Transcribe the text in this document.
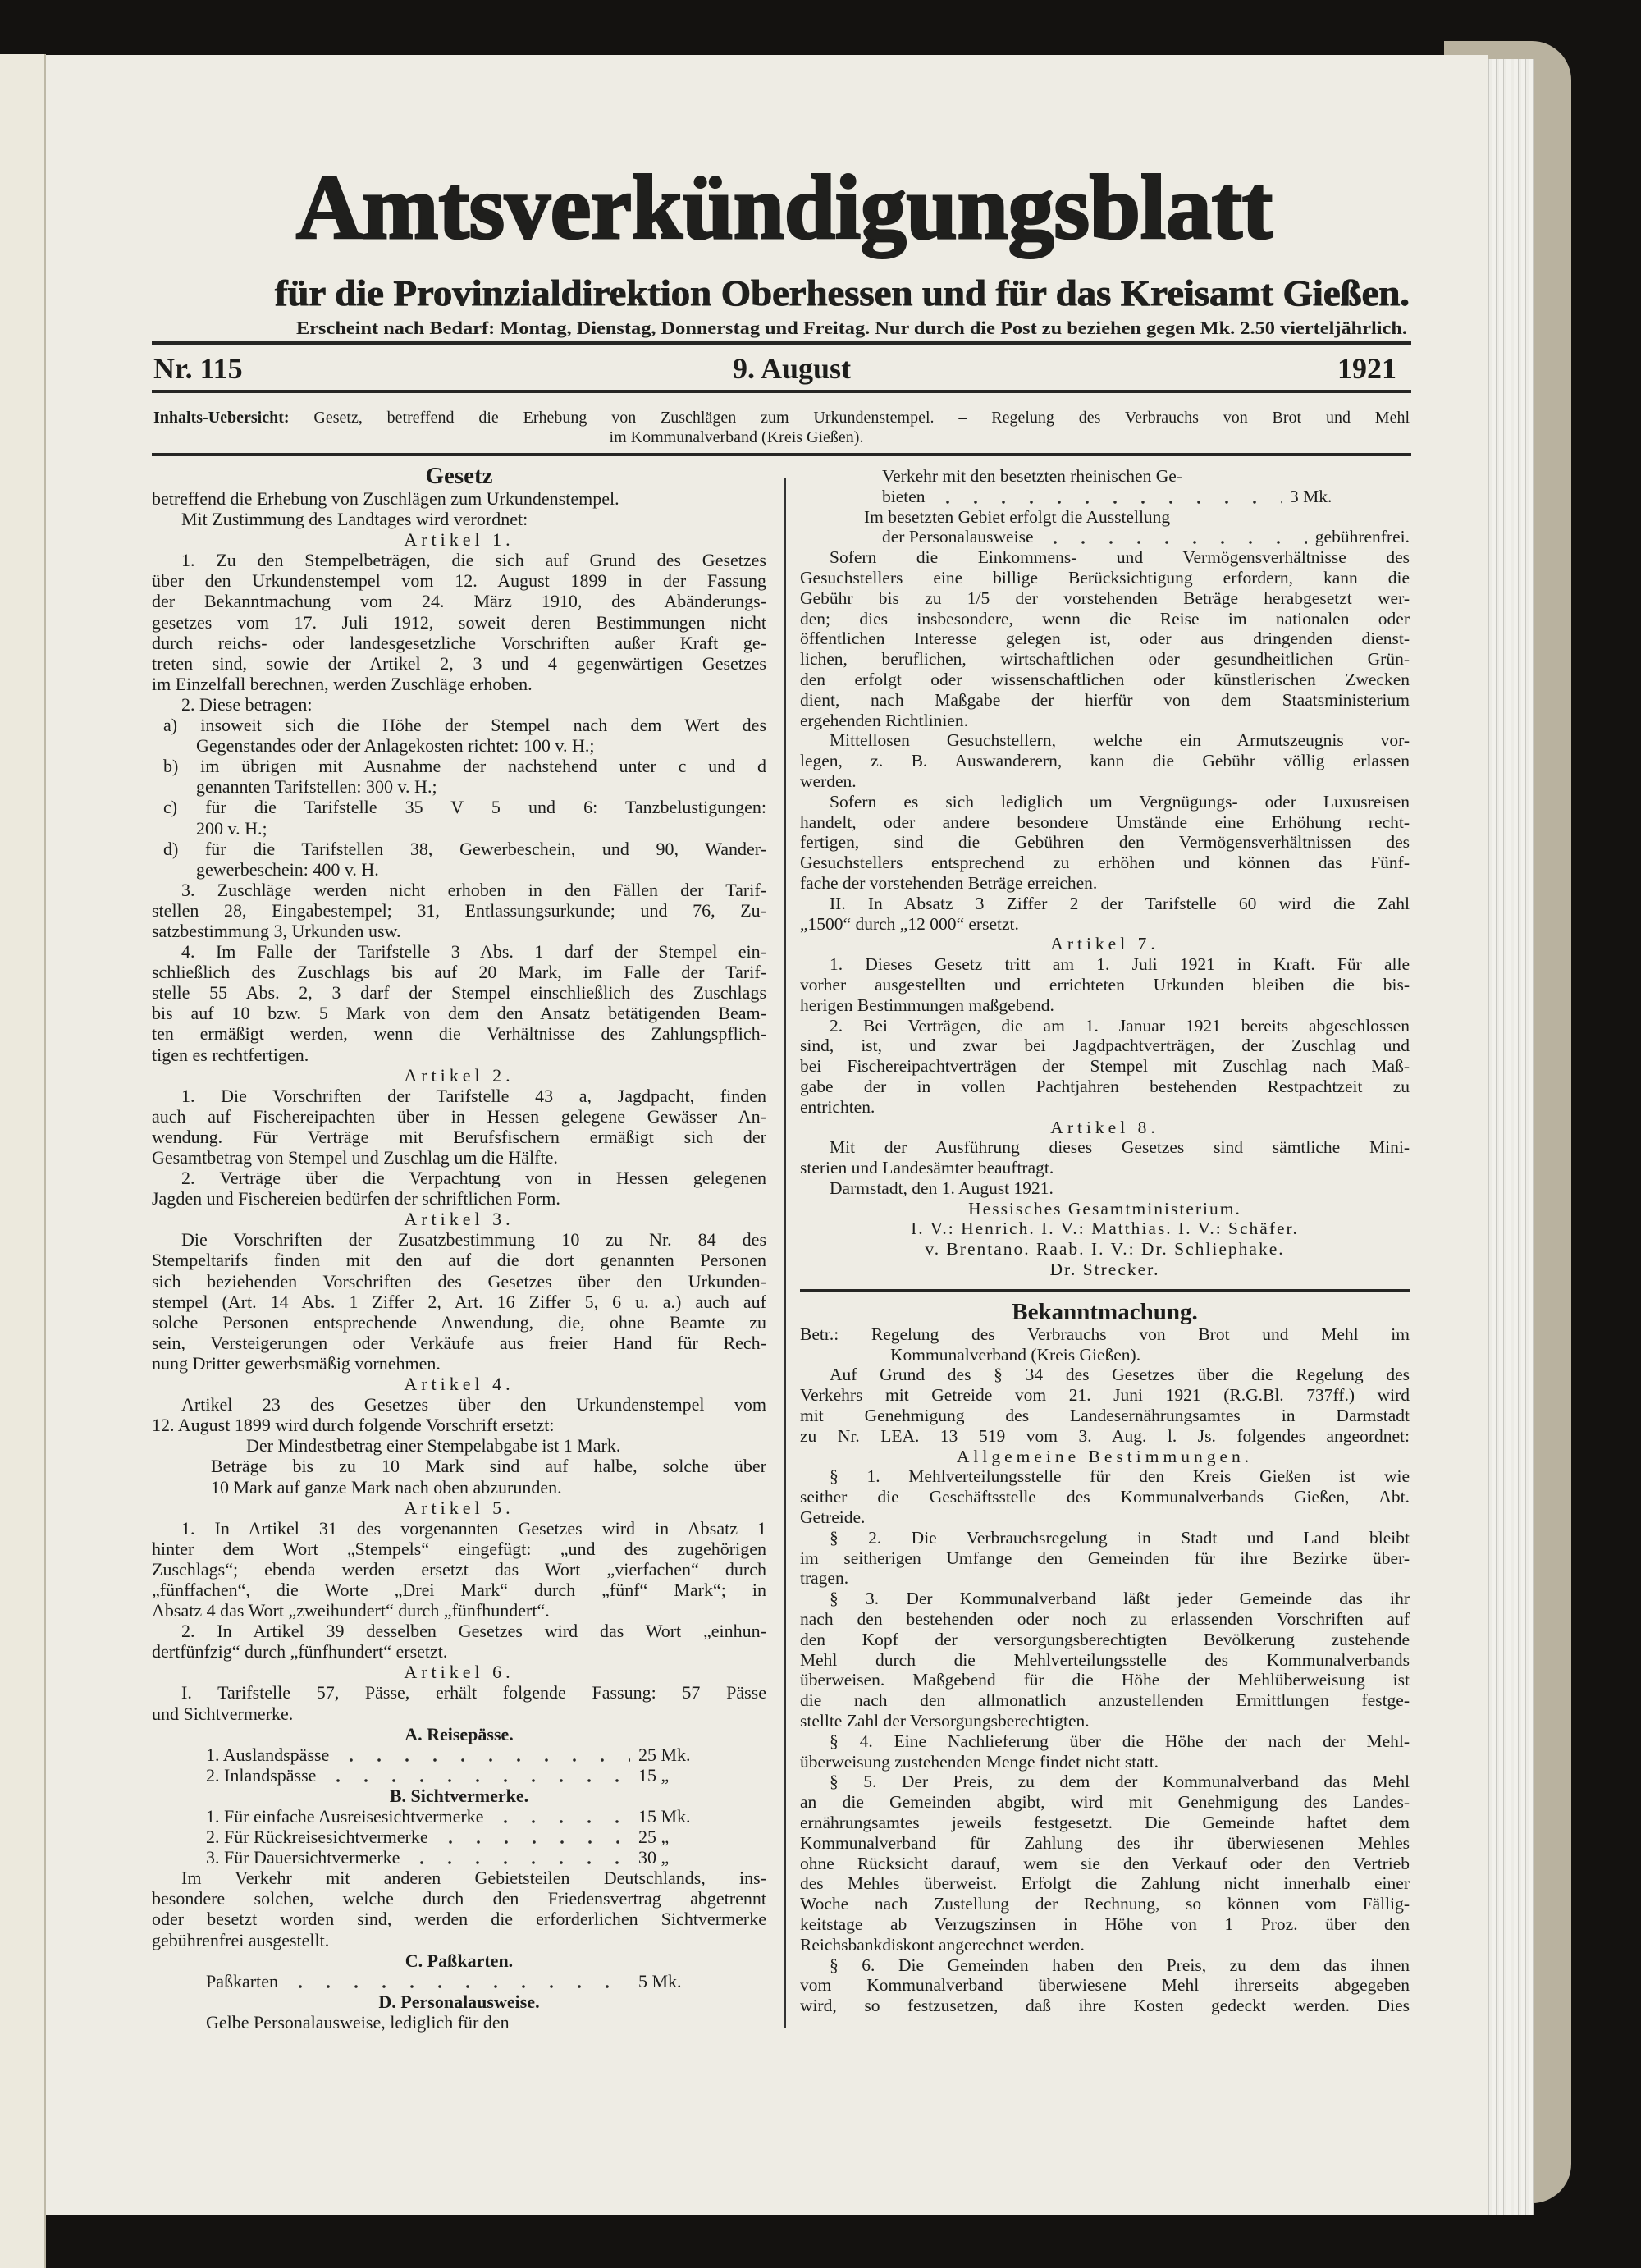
Amtsverkündigungsblatt
für die Provinzialdirektion Oberhessen und für das Kreisamt Gießen.
Erscheint nach Bedarf: Montag, Dienstag, Donnerstag und Freitag. Nur durch die Post zu beziehen gegen Mk. 2.50 vierteljährlich.
Nr. 115	9. August	1921
Inhalts-Uebersicht: Gesetz, betreffend die Erhebung von Zuschlägen zum Urkundenstempel. – Regelung des Verbrauchs von Brot und Mehl
im Kommunalverband (Kreis Gießen).
Gesetz
betreffend die Erhebung von Zuschlägen zum Urkundenstempel.
Mit Zustimmung des Landtages wird verordnet:
Artikel 1.
1. Zu den Stempelbeträgen, die sich auf Grund des Gesetzes
über den Urkundenstempel vom 12. August 1899 in der Fassung
der Bekanntmachung vom 24. März 1910, des Abänderungs-
gesetzes vom 17. Juli 1912, soweit deren Bestimmungen nicht
durch reichs- oder landesgesetzliche Vorschriften außer Kraft ge-
treten sind, sowie der Artikel 2, 3 und 4 gegenwärtigen Gesetzes
im Einzelfall berechnen, werden Zuschläge erhoben.
2. Diese betragen:
a) insoweit sich die Höhe der Stempel nach dem Wert des
Gegenstandes oder der Anlagekosten richtet: 100 v. H.;
b) im übrigen mit Ausnahme der nachstehend unter c und d
genannten Tarifstellen: 300 v. H.;
c) für die Tarifstelle 35 V 5 und 6: Tanzbelustigungen:
200 v. H.;
d) für die Tarifstellen 38, Gewerbeschein, und 90, Wander-
gewerbeschein: 400 v. H.
3. Zuschläge werden nicht erhoben in den Fällen der Tarif-
stellen 28, Eingabestempel; 31, Entlassungsurkunde; und 76, Zu-
satzbestimmung 3, Urkunden usw.
4. Im Falle der Tarifstelle 3 Abs. 1 darf der Stempel ein-
schließlich des Zuschlags bis auf 20 Mark, im Falle der Tarif-
stelle 55 Abs. 2, 3 darf der Stempel einschließlich des Zuschlags
bis auf 10 bzw. 5 Mark von dem den Ansatz betätigenden Beam-
ten ermäßigt werden, wenn die Verhältnisse des Zahlungspflich-
tigen es rechtfertigen.
Artikel 2.
1. Die Vorschriften der Tarifstelle 43 a, Jagdpacht, finden
auch auf Fischereipachten über in Hessen gelegene Gewässer An-
wendung. Für Verträge mit Berufsfischern ermäßigt sich der
Gesamtbetrag von Stempel und Zuschlag um die Hälfte.
2. Verträge über die Verpachtung von in Hessen gelegenen
Jagden und Fischereien bedürfen der schriftlichen Form.
Artikel 3.
Die Vorschriften der Zusatzbestimmung 10 zu Nr. 84 des
Stempeltarifs finden mit den auf die dort genannten Personen
sich beziehenden Vorschriften des Gesetzes über den Urkunden-
stempel (Art. 14 Abs. 1 Ziffer 2, Art. 16 Ziffer 5, 6 u. a.) auch auf
solche Personen entsprechende Anwendung, die, ohne Beamte zu
sein, Versteigerungen oder Verkäufe aus freier Hand für Rech-
nung Dritter gewerbsmäßig vornehmen.
Artikel 4.
Artikel 23 des Gesetzes über den Urkundenstempel vom
12. August 1899 wird durch folgende Vorschrift ersetzt:
Der Mindestbetrag einer Stempelabgabe ist 1 Mark.
Beträge bis zu 10 Mark sind auf halbe, solche über
10 Mark auf ganze Mark nach oben abzurunden.
Artikel 5.
1. In Artikel 31 des vorgenannten Gesetzes wird in Absatz 1
hinter dem Wort „Stempels“ eingefügt: „und des zugehörigen
Zuschlags“; ebenda werden ersetzt das Wort „vierfachen“ durch
„fünffachen“, die Worte „Drei Mark“ durch „fünf“ Mark“; in
Absatz 4 das Wort „zweihundert“ durch „fünfhundert“.
2. In Artikel 39 desselben Gesetzes wird das Wort „einhun-
dertfünfzig“ durch „fünfhundert“ ersetzt.
Artikel 6.
I. Tarifstelle 57, Pässe, erhält folgende Fassung: 57 Pässe
und Sichtvermerke.
A. Reisepässe.
1. Auslandspässe	25 Mk.
2. Inlandspässe	15 „
B. Sichtvermerke.
1. Für einfache Ausreisesichtvermerke	15 Mk.
2. Für Rückreisesichtvermerke	25 „
3. Für Dauersichtvermerke	30 „
Im Verkehr mit anderen Gebietsteilen Deutschlands, ins-
besondere solchen, welche durch den Friedensvertrag abgetrennt
oder besetzt worden sind, werden die erforderlichen Sichtvermerke
gebührenfrei ausgestellt.
C. Paßkarten.
Paßkarten	5 Mk.
D. Personalausweise.
Gelbe Personalausweise, lediglich für den
Verkehr mit den besetzten rheinischen Ge-
bieten	3 Mk.
Im besetzten Gebiet erfolgt die Ausstellung
der Personalausweise	gebührenfrei.
Sofern die Einkommens- und Vermögensverhältnisse des
Gesuchstellers eine billige Berücksichtigung erfordern, kann die
Gebühr bis zu 1/5 der vorstehenden Beträge herabgesetzt wer-
den; dies insbesondere, wenn die Reise im nationalen oder
öffentlichen Interesse gelegen ist, oder aus dringenden dienst-
lichen, beruflichen, wirtschaftlichen oder gesundheitlichen Grün-
den erfolgt oder wissenschaftlichen oder künstlerischen Zwecken
dient, nach Maßgabe der hierfür von dem Staatsministerium
ergehenden Richtlinien.
Mittellosen Gesuchstellern, welche ein Armutszeugnis vor-
legen, z. B. Auswanderern, kann die Gebühr völlig erlassen
werden.
Sofern es sich lediglich um Vergnügungs- oder Luxusreisen
handelt, oder andere besondere Umstände eine Erhöhung recht-
fertigen, sind die Gebühren den Vermögensverhältnissen des
Gesuchstellers entsprechend zu erhöhen und können das Fünf-
fache der vorstehenden Beträge erreichen.
II. In Absatz 3 Ziffer 2 der Tarifstelle 60 wird die Zahl
„1500“ durch „12 000“ ersetzt.
Artikel 7.
1. Dieses Gesetz tritt am 1. Juli 1921 in Kraft. Für alle
vorher ausgestellten und errichteten Urkunden bleiben die bis-
herigen Bestimmungen maßgebend.
2. Bei Verträgen, die am 1. Januar 1921 bereits abgeschlossen
sind, ist, und zwar bei Jagdpachtverträgen, der Zuschlag und
bei Fischereipachtverträgen der Stempel mit Zuschlag nach Maß-
gabe der in vollen Pachtjahren bestehenden Restpachtzeit zu
entrichten.
Artikel 8.
Mit der Ausführung dieses Gesetzes sind sämtliche Mini-
sterien und Landesämter beauftragt.
Darmstadt, den 1. August 1921.
Hessisches Gesamtministerium.
I. V.: Henrich. I. V.: Matthias. I. V.: Schäfer.
v. Brentano. Raab. I. V.: Dr. Schliephake.
Dr. Strecker.
Bekanntmachung.
Betr.: Regelung des Verbrauchs von Brot und Mehl im
Kommunalverband (Kreis Gießen).
Auf Grund des § 34 des Gesetzes über die Regelung des
Verkehrs mit Getreide vom 21. Juni 1921 (R.G.Bl. 737ff.) wird
mit Genehmigung des Landesernährungsamtes in Darmstadt
zu Nr. LEA. 13 519 vom 3. Aug. l. Js. folgendes angeordnet:
Allgemeine Bestimmungen.
§ 1. Mehlverteilungsstelle für den Kreis Gießen ist wie
seither die Geschäftsstelle des Kommunalverbands Gießen, Abt.
Getreide.
§ 2. Die Verbrauchsregelung in Stadt und Land bleibt
im seitherigen Umfange den Gemeinden für ihre Bezirke über-
tragen.
§ 3. Der Kommunalverband läßt jeder Gemeinde das ihr
nach den bestehenden oder noch zu erlassenden Vorschriften auf
den Kopf der versorgungsberechtigten Bevölkerung zustehende
Mehl durch die Mehlverteilungsstelle des Kommunalverbands
überweisen. Maßgebend für die Höhe der Mehlüberweisung ist
die nach den allmonatlich anzustellenden Ermittlungen festge-
stellte Zahl der Versorgungsberechtigten.
§ 4. Eine Nachlieferung über die Höhe der nach der Mehl-
überweisung zustehenden Menge findet nicht statt.
§ 5. Der Preis, zu dem der Kommunalverband das Mehl
an die Gemeinden abgibt, wird mit Genehmigung des Landes-
ernährungsamtes jeweils festgesetzt. Die Gemeinde haftet dem
Kommunalverband für Zahlung des ihr überwiesenen Mehles
ohne Rücksicht darauf, wem sie den Verkauf oder den Vertrieb
des Mehles überweist. Erfolgt die Zahlung nicht innerhalb einer
Woche nach Zustellung der Rechnung, so können vom Fällig-
keitstage ab Verzugszinsen in Höhe von 1 Proz. über den
Reichsbankdiskont angerechnet werden.
§ 6. Die Gemeinden haben den Preis, zu dem das ihnen
vom Kommunalverband überwiesene Mehl ihrerseits abgegeben
wird, so festzusetzen, daß ihre Kosten gedeckt werden. Dies
